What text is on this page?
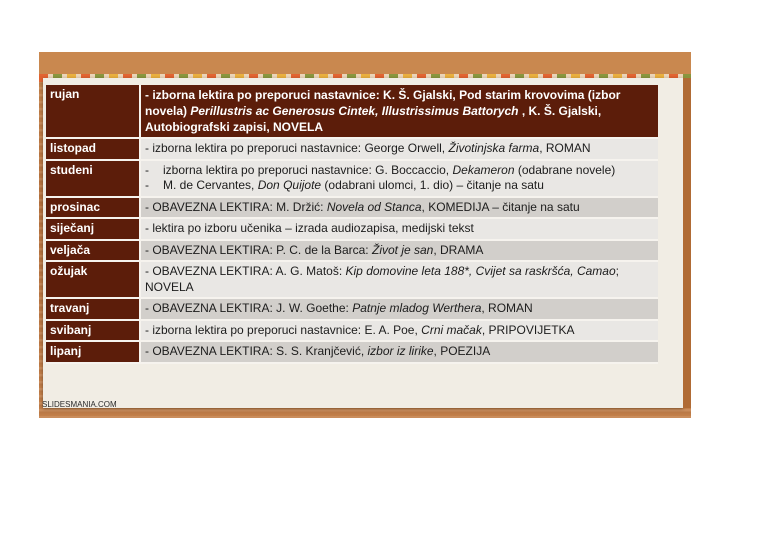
rujan	- izborna lektira po preporuci nastavnice: K. Š. Gjalski, Pod starim krovovima (izbor novela) Perillustris ac Generosus Cintek, Illustrissimus Battorych , K. Š. Gjalski, Autobiografski zapisi, NOVELA
listopad	- izborna lektira po preporuci nastavnice: George Orwell, Životinjska farma, ROMAN
studeni	- izborna lektira po preporuci nastavnice: G. Boccaccio, Dekameron (odabrane novele)
- M. de Cervantes, Don Quijote (odabrani ulomci, 1. dio) – čitanje na satu

prosinac	- OBAVEZNA LEKTIRA: M. Držić: Novela od Stanca, KOMEDIJA – čitanje na satu
siječanj	- lektira po izboru učenika – izrada audiozapisa, medijski tekst
veljača	- OBAVEZNA LEKTIRA: P. C. de la Barca: Život je san, DRAMA
ožujak	- OBAVEZNA LEKTIRA: A. G. Matoš: Kip domovine leta 188*, Cvijet sa raskršća, Camao; NOVELA
travanj	- OBAVEZNA LEKTIRA: J. W. Goethe: Patnje mladog Werthera, ROMAN
svibanj	- izborna lektira po preporuci nastavnice: E. A. Poe, Crni mačak, PRIPOVIJETKA
lipanj	- OBAVEZNA LEKTIRA: S. S. Kranjčević, izbor iz lirike, POEZIJA
SLIDESMANIA.COM
